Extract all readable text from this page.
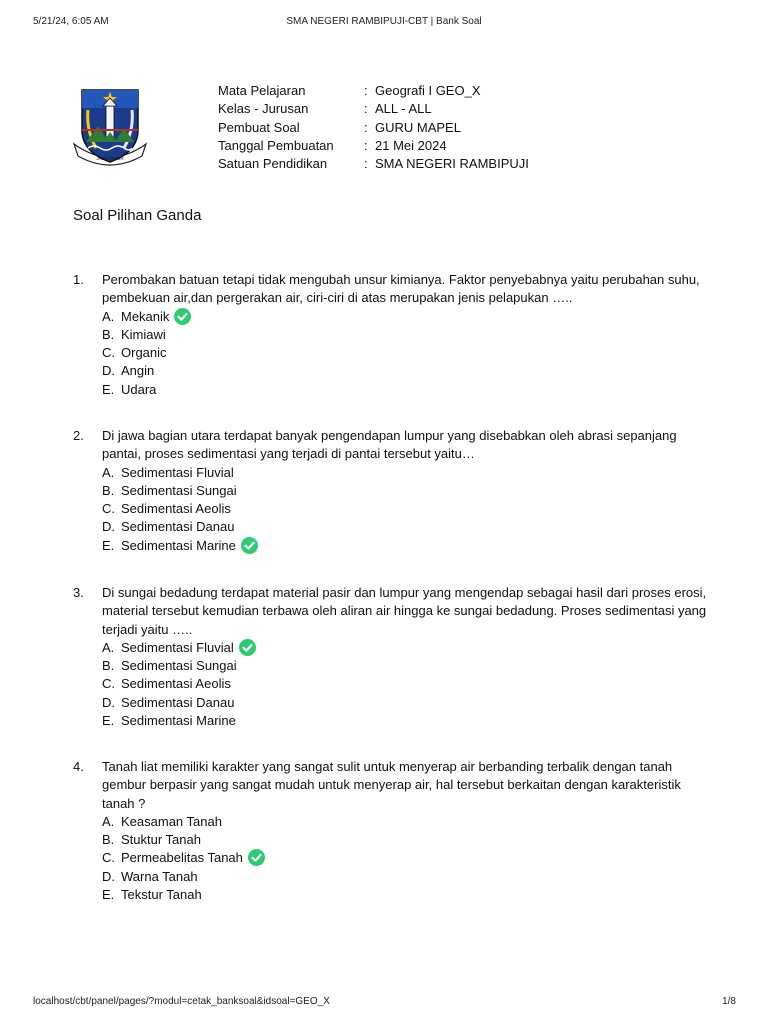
5/21/24, 6:05 AM	SMA NEGERI RAMBIPUJI-CBT | Bank Soal
JAWA TIMUR
Mata Pelajaran	: Geografi I GEO_X
Kelas - Jurusan	: ALL - ALL
Pembuat Soal	: GURU MAPEL
Tanggal Pembuatan : 21 Mei 2024
Satuan Pendidikan	: SMA NEGERI RAMBIPUJI
Soal Pilihan Ganda
1. Perombakan batuan tetapi tidak mengubah unsur kimianya. Faktor penyebabnya yaitu perubahan suhu, pembekuan air,dan pergerakan air, ciri-ciri di atas merupakan jenis pelapukan …..
A. Mekanik
B. Kimiawi
C. Organic
D. Angin
E. Udara
2. Di jawa bagian utara terdapat banyak pengendapan lumpur yang disebabkan oleh abrasi sepanjang pantai, proses sedimentasi yang terjadi di pantai tersebut yaitu…
A. Sedimentasi Fluvial
B. Sedimentasi Sungai
C. Sedimentasi Aeolis
D. Sedimentasi Danau
E. Sedimentasi Marine
3. Di sungai bedadung terdapat material pasir dan lumpur yang mengendap sebagai hasil dari proses erosi, material tersebut kemudian terbawa oleh aliran air hingga ke sungai bedadung. Proses sedimentasi yang terjadi yaitu …..
A. Sedimentasi Fluvial
B. Sedimentasi Sungai
C. Sedimentasi Aeolis
D. Sedimentasi Danau
E. Sedimentasi Marine
4. Tanah liat memiliki karakter yang sangat sulit untuk menyerap air berbanding terbalik dengan tanah gembur berpasir yang sangat mudah untuk menyerap air, hal tersebut berkaitan dengan karakteristik tanah ?
A. Keasaman Tanah
B. Stuktur Tanah
C. Permeabelitas Tanah
D. Warna Tanah
E. Tekstur Tanah
localhost/cbt/panel/pages/?modul=cetak_banksoal&idsoal=GEO_X	1/8
